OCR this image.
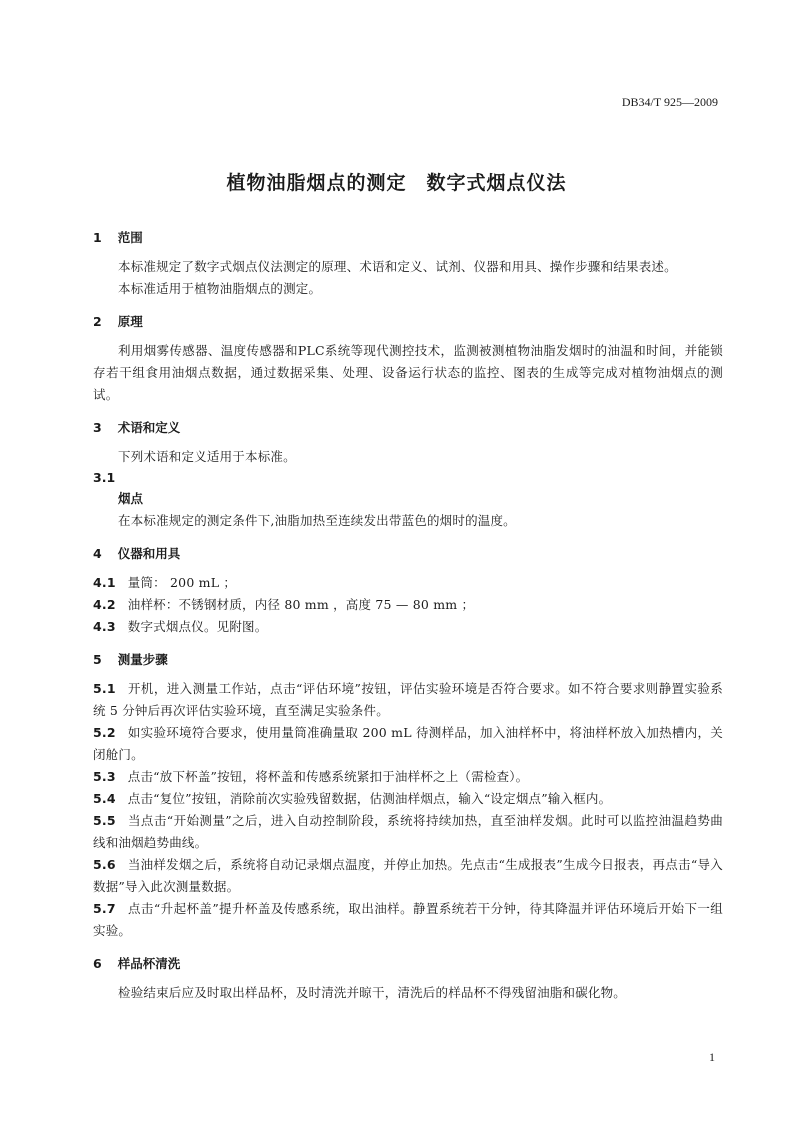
DB34/T 925—2009
植物油脂烟点的测定　数字式烟点仪法
1 范围

本标准规定了数字式烟点仪法测定的原理、术语和定义、试剂、仪器和用具、操作步骤和结果表述。

本标准适用于植物油脂烟点的测定。

2 原理

利用烟雾传感器、温度传感器和PLC系统等现代测控技术，监测被测植物油脂发烟时的油温和时间，并能锁存若干组食用油烟点数据，通过数据采集、处理、设备运行状态的监控、图表的生成等完成对植物油烟点的测试。

3 术语和定义

下列术语和定义适用于本标准。

3.1
烟点

在本标准规定的测定条件下,油脂加热至连续发出带蓝色的烟时的温度。

4 仪器和用具
4.1 量筒： 200 mL ；
4.2 油样杯：不锈钢材质，内径 80 mm ，高度 75 — 80 mm ；
4.3 数字式烟点仪。见附图。
5 测量步骤
5.1 开机，进入测量工作站，点击“评估环境”按钮，评估实验环境是否符合要求。如不符合要求则静置实验系统 5 分钟后再次评估实验环境，直至满足实验条件。
5.2 如实验环境符合要求，使用量筒准确量取 200 mL 待测样品，加入油样杯中，将油样杯放入加热槽内，关闭舱门。
5.3 点击“放下杯盖”按钮，将杯盖和传感系统紧扣于油样杯之上（需检查）。
5.4 点击“复位”按钮，消除前次实验残留数据，估测油样烟点，输入“设定烟点”输入框内。
5.5 当点击“开始测量”之后，进入自动控制阶段，系统将持续加热，直至油样发烟。此时可以监控油温趋势曲线和油烟趋势曲线。
5.6 当油样发烟之后，系统将自动记录烟点温度，并停止加热。先点击“生成报表”生成今日报表，再点击“导入数据”导入此次测量数据。
5.7 点击“升起杯盖”提升杯盖及传感系统，取出油样。静置系统若干分钟，待其降温并评估环境后开始下一组实验。
6 样品杯清洗

检验结束后应及时取出样品杯，及时清洗并晾干，清洗后的样品杯不得残留油脂和碳化物。

1
